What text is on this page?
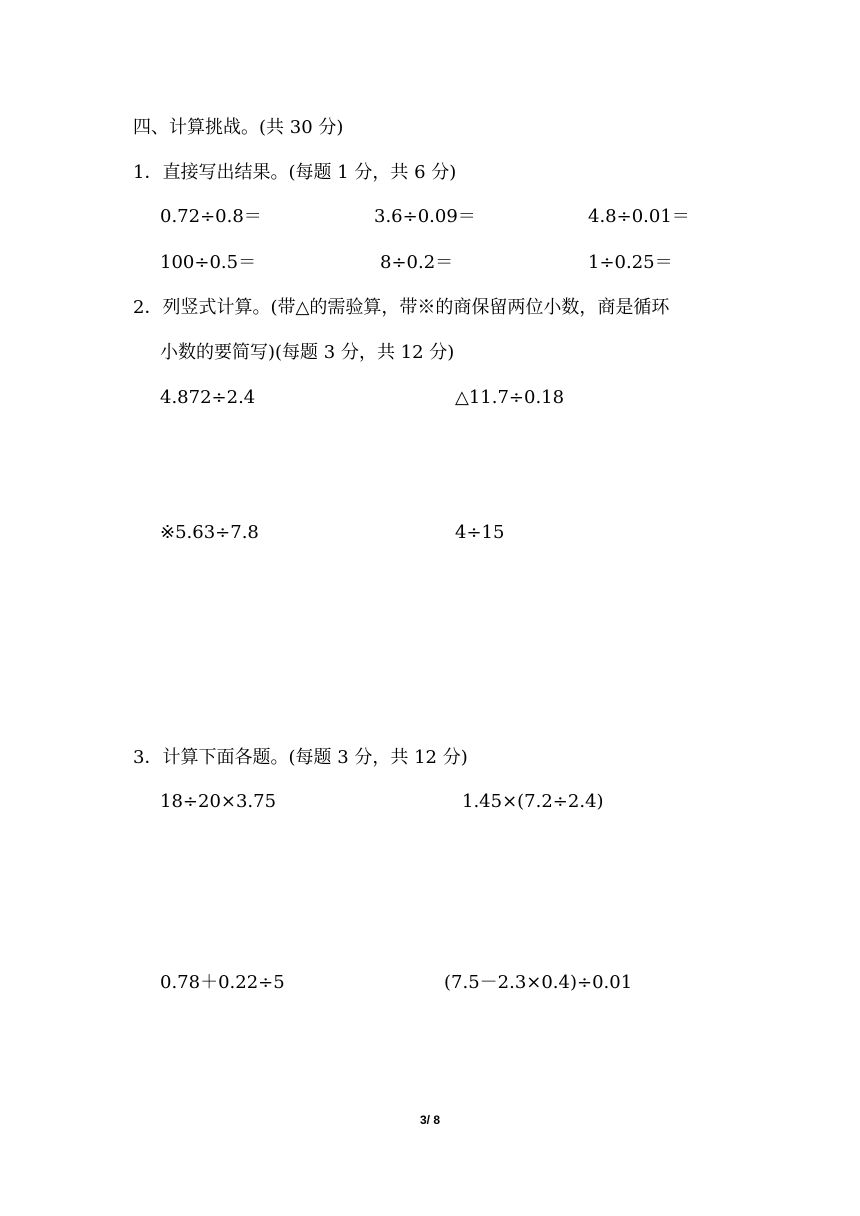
四、计算挑战。(共 30 分)
1．直接写出结果。(每题 1 分，共 6 分)
0.72÷0.8＝	3.6÷0.09＝	4.8÷0.01＝
100÷0.5＝	8÷0.2＝	1÷0.25＝
2．列竖式计算。(带△的需验算，带※的商保留两位小数，商是循环
小数的要简写)(每题 3 分，共 12 分)
4.872÷2.4	△11.7÷0.18
※5.63÷7.8	4÷15
3．计算下面各题。(每题 3 分，共 12 分)
18÷20×3.75	1.45×(7.2÷2.4)
0.78＋0.22÷5	(7.5－2.3×0.4)÷0.01
3/ 8
